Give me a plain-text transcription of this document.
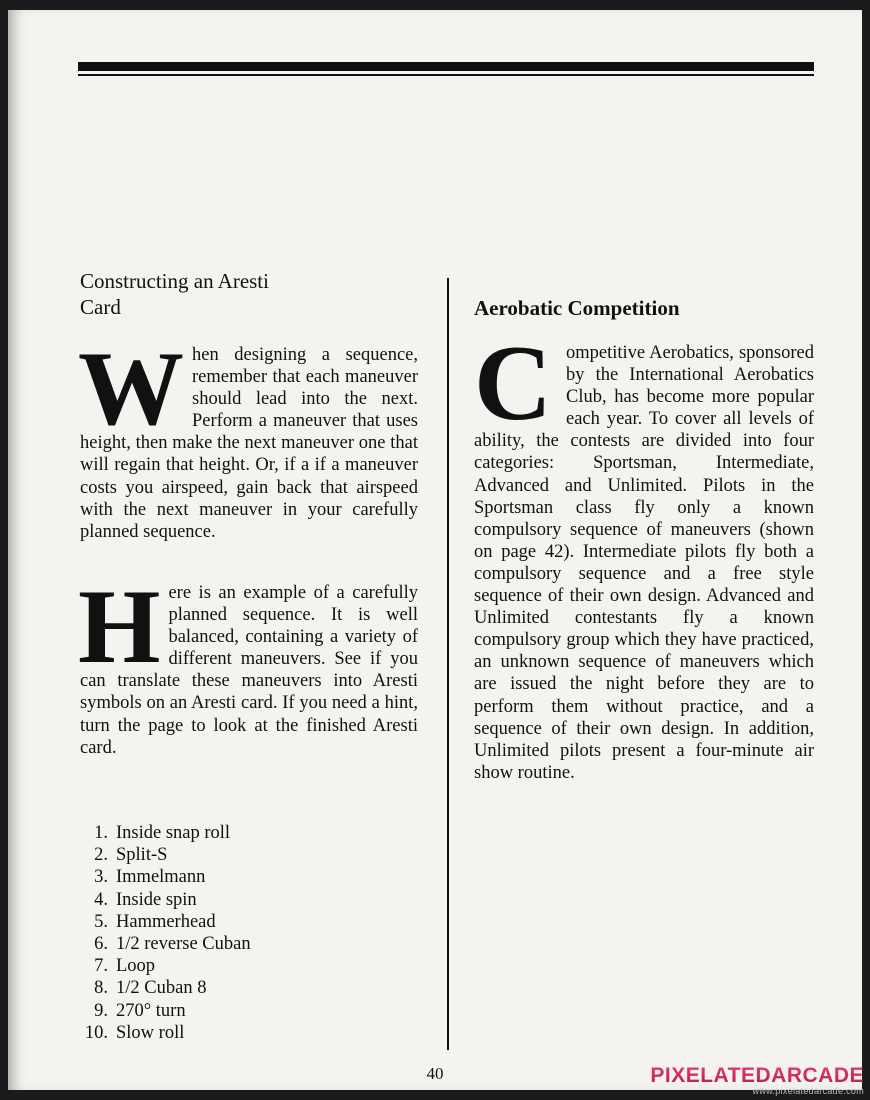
Constructing an Aresti Card

When designing a sequence, remember that each maneuver should lead into the next. Perform a maneuver that uses height, then make the next maneuver one that will regain that height. Or, if a if a maneuver costs you airspeed, gain back that airspeed with the next maneuver in your carefully planned sequence.

Here is an example of a carefully planned sequence. It is well balanced, containing a variety of different maneuvers. See if you can translate these maneuvers into Aresti symbols on an Aresti card. If you need a hint, turn the page to look at the finished Aresti card.

1. Inside snap roll
2. Split-S
3. Immelmann
4. Inside spin
5. Hammerhead
6. 1/2 reverse Cuban
7. Loop
8. 1/2 Cuban 8
9. 270° turn
10. Slow roll
Aerobatic Competition

Competitive Aerobatics, sponsored by the International Aerobatics Club, has become more popular each year. To cover all levels of ability, the contests are divided into four categories: Sportsman, Intermediate, Advanced and Unlimited. Pilots in the Sportsman class fly only a known compulsory sequence of maneuvers (shown on page 42). Intermediate pilots fly both a compulsory sequence and a free style sequence of their own design. Advanced and Unlimited contestants fly a known compulsory group which they have practiced, an unknown sequence of maneuvers which are issued the night before they are to perform them without practice, and a sequence of their own design. In addition, Unlimited pilots present a four-minute air show routine.

40	PIXELATEDARCADE
www.pixelatedarcade.com
